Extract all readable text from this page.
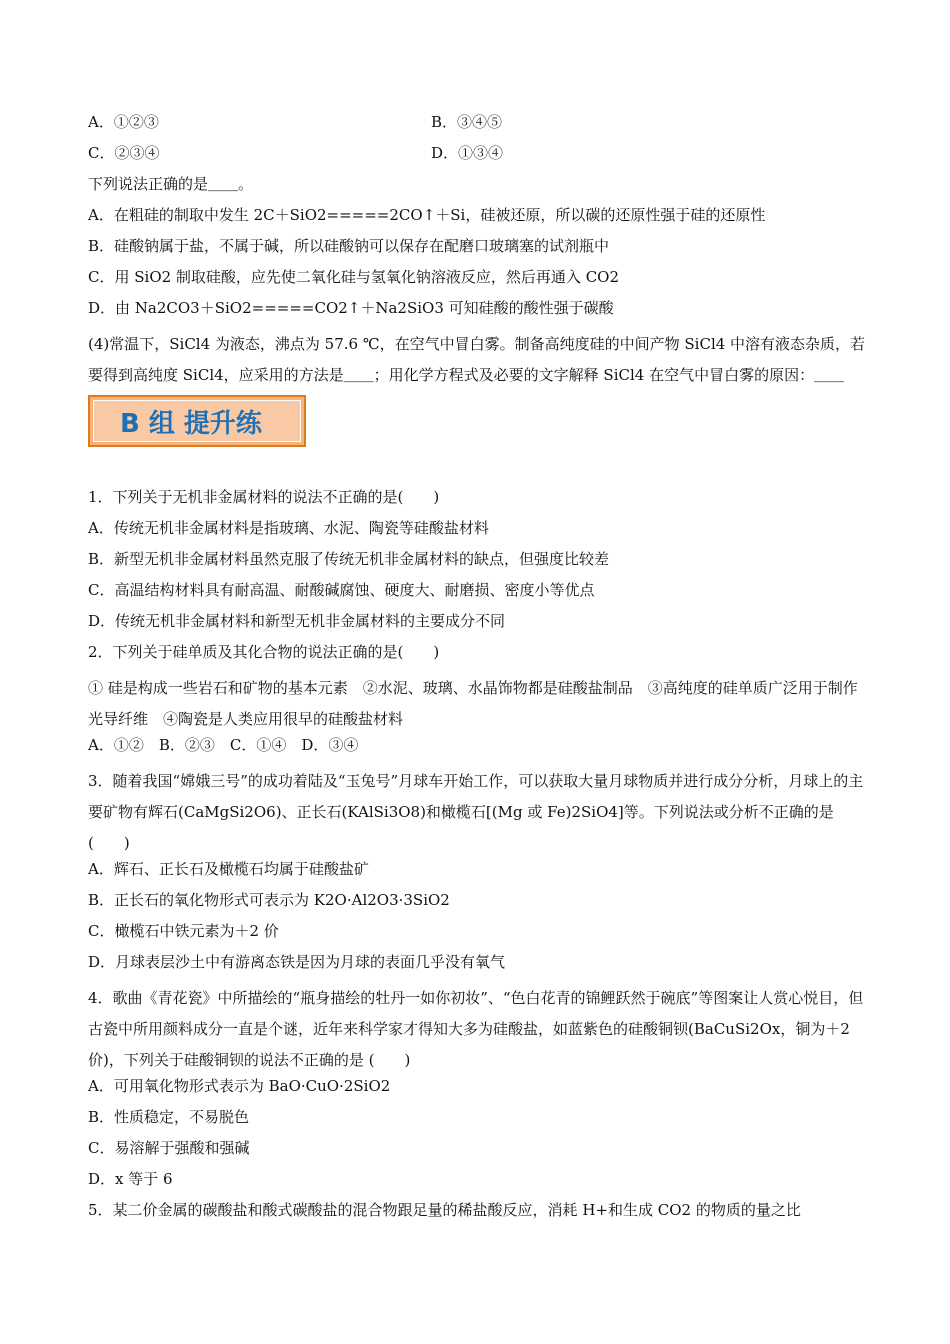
A．①②③	B．③④⑤
C．②③④	D．①③④
下列说法正确的是＿＿。
A．在粗硅的制取中发生 2C＋SiO2=====2CO↑＋Si，硅被还原，所以碳的还原性强于硅的还原性
B．硅酸钠属于盐，不属于碱，所以硅酸钠可以保存在配磨口玻璃塞的试剂瓶中
C．用 SiO2 制取硅酸，应先使二氧化硅与氢氧化钠溶液反应，然后再通入 CO2
D．由 Na2CO3＋SiO2=====CO2↑＋Na2SiO3 可知硅酸的酸性强于碳酸
(4)常温下，SiCl4 为液态，沸点为 57.6 ℃，在空气中冒白雾。制备高纯度硅的中间产物 SiCl4 中溶有液态杂质，若要得到高纯度 SiCl4，应采用的方法是＿＿；用化学方程式及必要的文字解释 SiCl4 在空气中冒白雾的原因：＿＿
B 组 提升练
1．下列关于无机非金属材料的说法不正确的是(　　)
A．传统无机非金属材料是指玻璃、水泥、陶瓷等硅酸盐材料
B．新型无机非金属材料虽然克服了传统无机非金属材料的缺点，但强度比较差
C．高温结构材料具有耐高温、耐酸碱腐蚀、硬度大、耐磨损、密度小等优点
D．传统无机非金属材料和新型无机非金属材料的主要成分不同
2．下列关于硅单质及其化合物的说法正确的是(　　)
① 硅是构成一些岩石和矿物的基本元素　②水泥、玻璃、水晶饰物都是硅酸盐制品　③高纯度的硅单质广泛用于制作光导纤维　④陶瓷是人类应用很早的硅酸盐材料
A．①②　B．②③　C．①④　D．③④
3．随着我国“嫦娥三号”的成功着陆及“玉兔号”月球车开始工作，可以获取大量月球物质并进行成分分析，月球上的主要矿物有辉石(CaMgSi2O6)、正长石(KAlSi3O8)和橄榄石[(Mg 或 Fe)2SiO4]等。下列说法或分析不正确的是 (　　)
A．辉石、正长石及橄榄石均属于硅酸盐矿
B．正长石的氧化物形式可表示为 K2O·Al2O3·3SiO2
C．橄榄石中铁元素为＋2 价
D．月球表层沙土中有游离态铁是因为月球的表面几乎没有氧气
4．歌曲《青花瓷》中所描绘的“瓶身描绘的牡丹一如你初妆”、“色白花青的锦鲤跃然于碗底”等图案让人赏心悦目，但古瓷中所用颜料成分一直是个谜，近年来科学家才得知大多为硅酸盐，如蓝紫色的硅酸铜钡(BaCuSi2Ox，铜为＋2 价)，下列关于硅酸铜钡的说法不正确的是 (　　)
A．可用氧化物形式表示为 BaO·CuO·2SiO2
B．性质稳定，不易脱色
C．易溶解于强酸和强碱
D．x 等于 6
5．某二价金属的碳酸盐和酸式碳酸盐的混合物跟足量的稀盐酸反应，消耗 H+和生成 CO2 的物质的量之比
